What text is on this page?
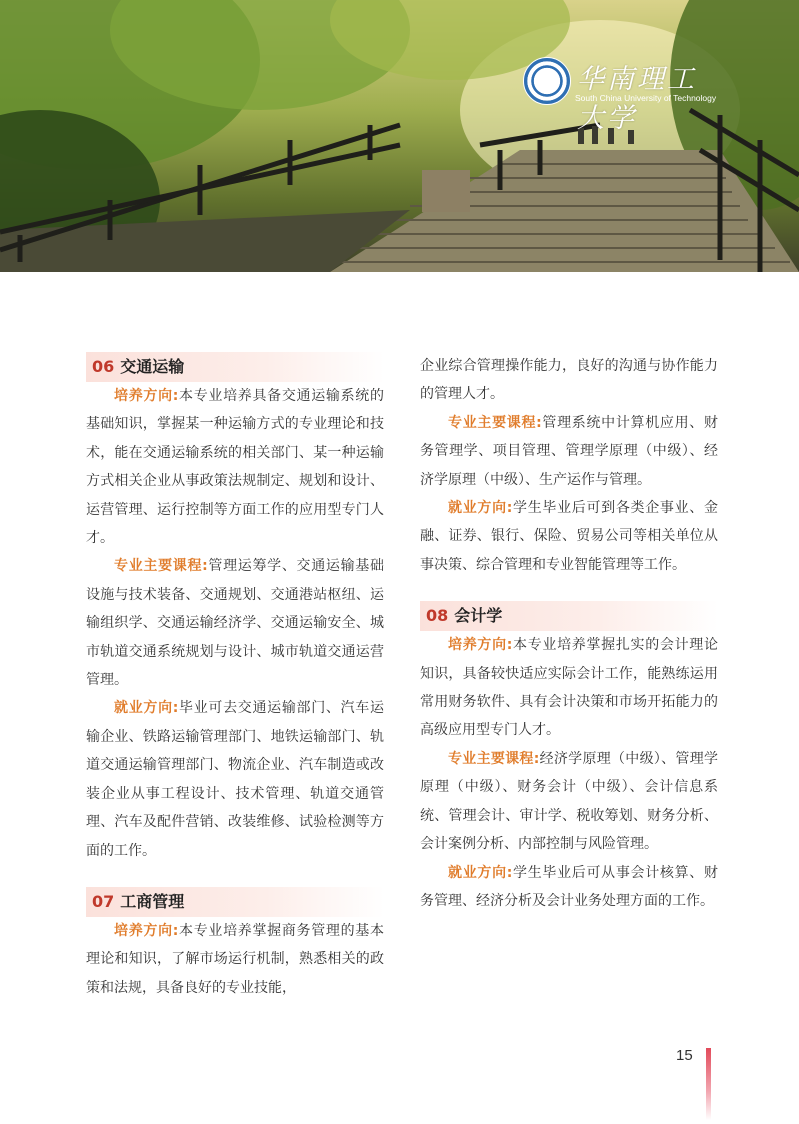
华南理工大学
South China University of Technology
06 交通运输
培养方向:本专业培养具备交通运输系统的基础知识，掌握某一种运输方式的专业理论和技术，能在交通运输系统的相关部门、某一种运输方式相关企业从事政策法规制定、规划和设计、运营管理、运行控制等方面工作的应用型专门人才。
专业主要课程:管理运筹学、交通运输基础设施与技术装备、交通规划、交通港站枢纽、运输组织学、交通运输经济学、交通运输安全、城市轨道交通系统规划与设计、城市轨道交通运营管理。
就业方向:毕业可去交通运输部门、汽车运输企业、铁路运输管理部门、地铁运输部门、轨道交通运输管理部门、物流企业、汽车制造或改装企业从事工程设计、技术管理、轨道交通管理、汽车及配件营销、改装维修、试验检测等方面的工作。
07 工商管理
培养方向:本专业培养掌握商务管理的基本理论和知识，了解市场运行机制，熟悉相关的政策和法规，具备良好的专业技能，
企业综合管理操作能力，良好的沟通与协作能力的管理人才。
专业主要课程:管理系统中计算机应用、财务管理学、项目管理、管理学原理（中级）、经济学原理（中级）、生产运作与管理。
就业方向:学生毕业后可到各类企事业、金融、证券、银行、保险、贸易公司等相关单位从事决策、综合管理和专业智能管理等工作。
08 会计学
培养方向:本专业培养掌握扎实的会计理论知识，具备较快适应实际会计工作，能熟练运用常用财务软件、具有会计决策和市场开拓能力的高级应用型专门人才。
专业主要课程:经济学原理（中级）、管理学原理（中级）、财务会计（中级）、会计信息系统、管理会计、审计学、税收筹划、财务分析、会计案例分析、内部控制与风险管理。
就业方向:学生毕业后可从事会计核算、财务管理、经济分析及会计业务处理方面的工作。
15
